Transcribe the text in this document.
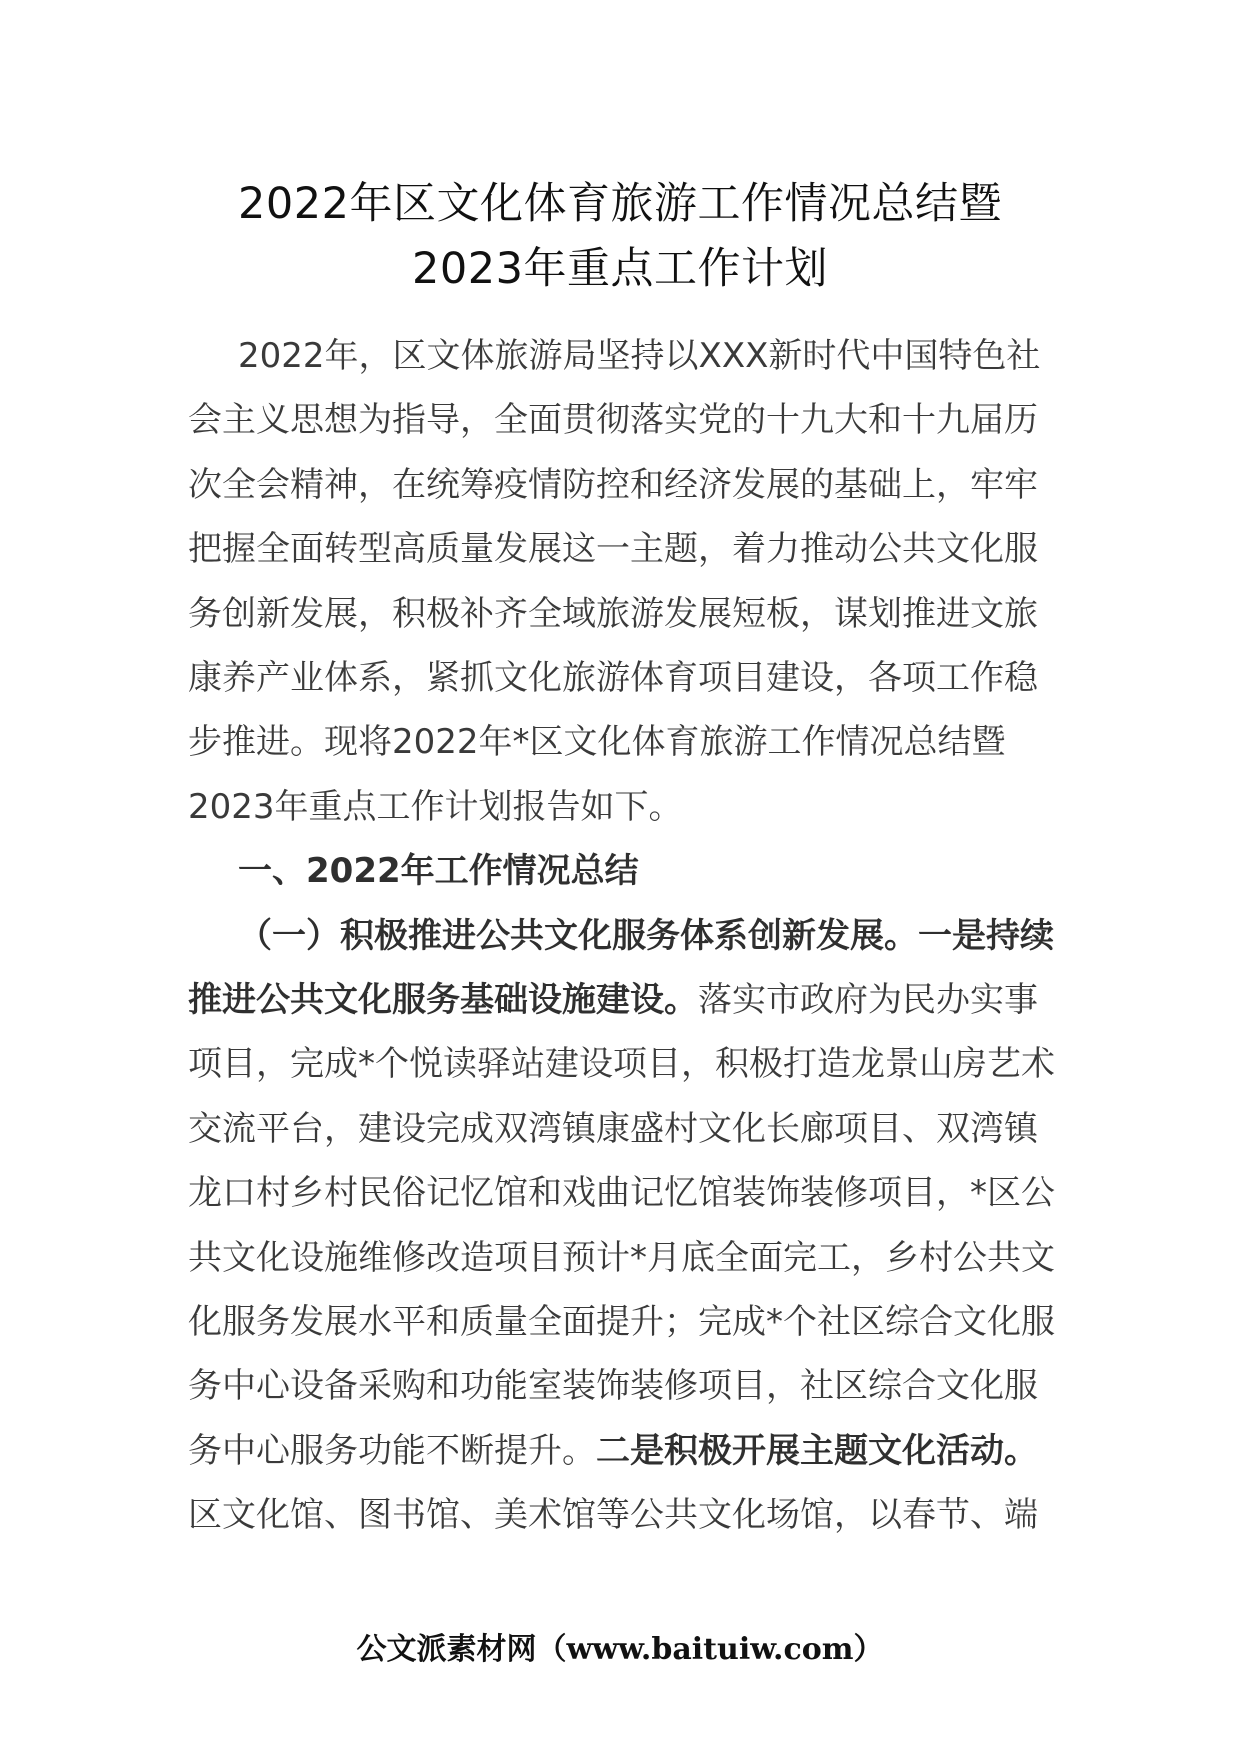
2022年区文化体育旅游工作情况总结暨
2023年重点工作计划
2022年，区文体旅游局坚持以XXX新时代中国特色社
会主义思想为指导，全面贯彻落实党的十九大和十九届历
次全会精神，在统筹疫情防控和经济发展的基础上，牢牢
把握全面转型高质量发展这一主题，着力推动公共文化服
务创新发展，积极补齐全域旅游发展短板，谋划推进文旅
康养产业体系，紧抓文化旅游体育项目建设，各项工作稳
步推进。现将2022年*区文化体育旅游工作情况总结暨
2023年重点工作计划报告如下。
一、2022年工作情况总结
（一）积极推进公共文化服务体系创新发展。一是持续
推进公共文化服务基础设施建设。落实市政府为民办实事
项目，完成*个悦读驿站建设项目，积极打造龙景山房艺术
交流平台，建设完成双湾镇康盛村文化长廊项目、双湾镇
龙口村乡村民俗记忆馆和戏曲记忆馆装饰装修项目，*区公
共文化设施维修改造项目预计*月底全面完工，乡村公共文
化服务发展水平和质量全面提升；完成*个社区综合文化服
务中心设备采购和功能室装饰装修项目，社区综合文化服
务中心服务功能不断提升。二是积极开展主题文化活动。
区文化馆、图书馆、美术馆等公共文化场馆，以春节、端
公文派素材网（www.baituiw.com）
